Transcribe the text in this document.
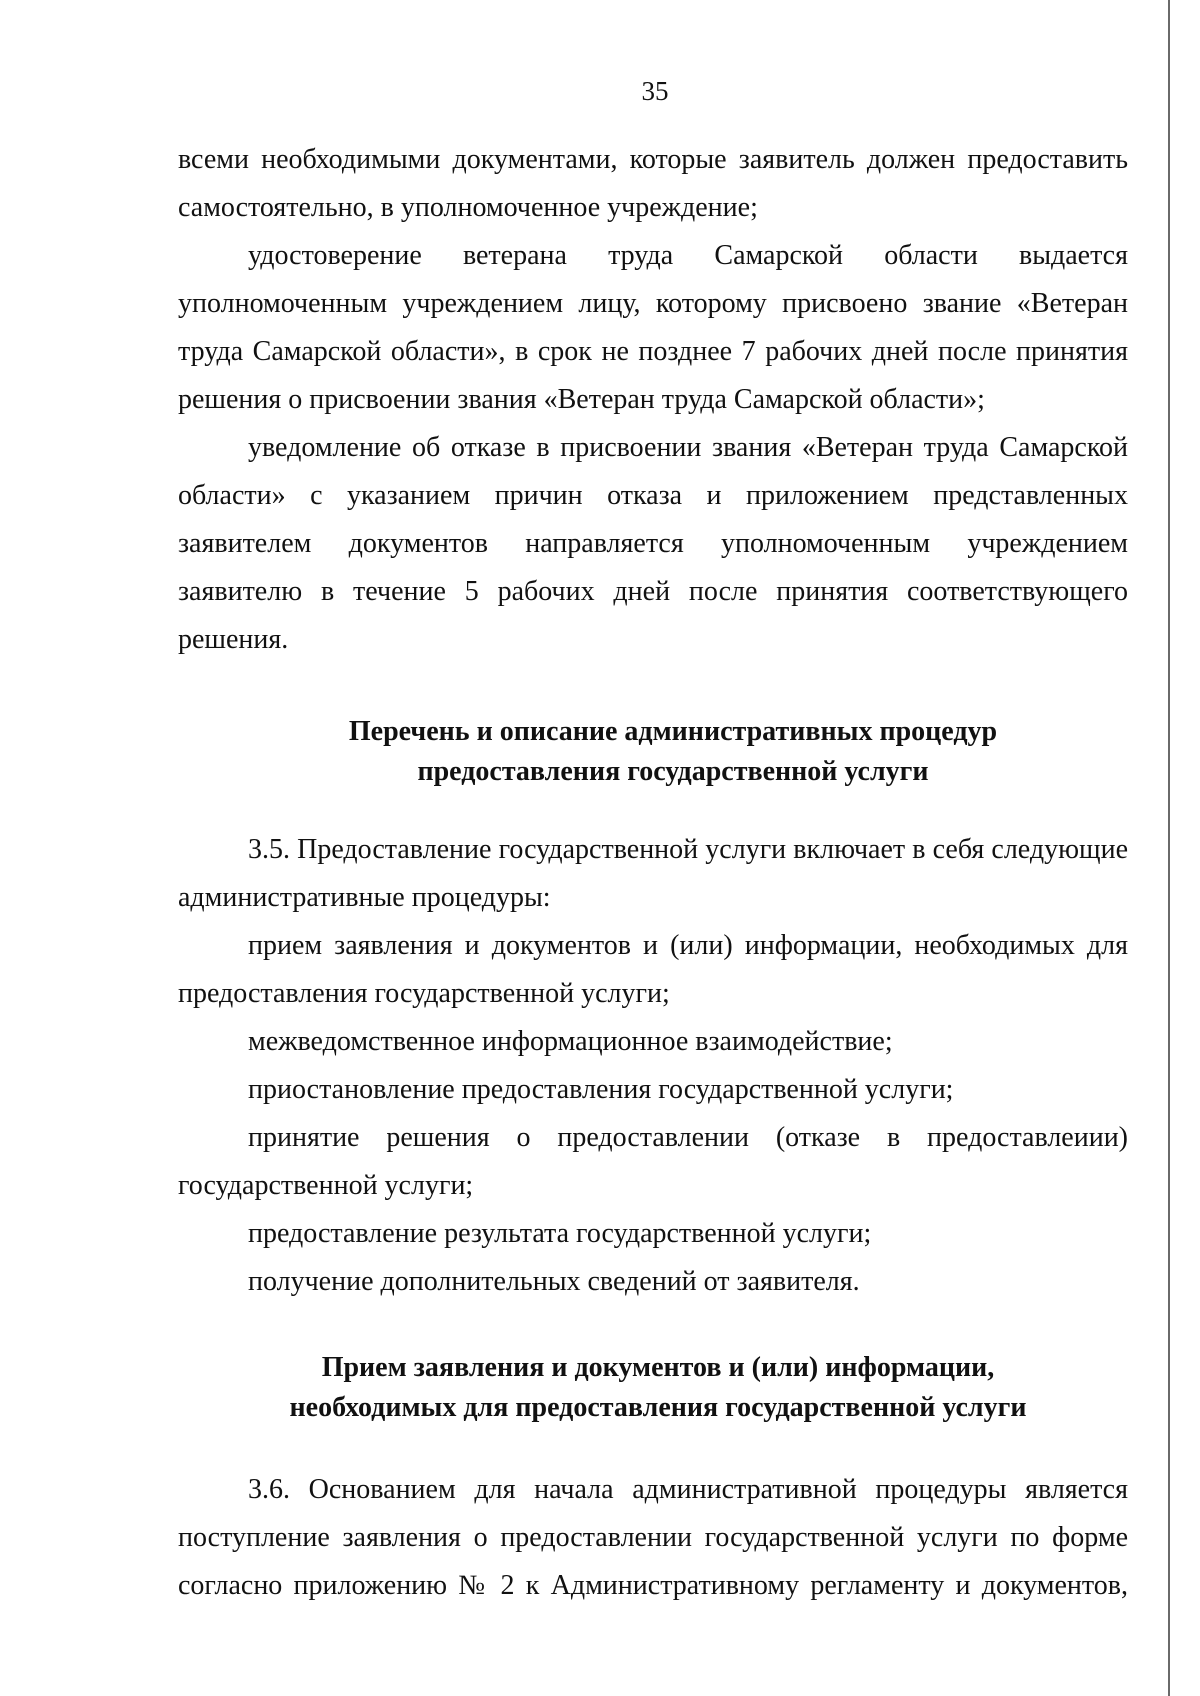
35

всеми необходимыми документами, которые заявитель должен предоставить самостоятельно, в уполномоченное учреждение;

удостоверение ветерана труда Самарской области выдается уполномоченным учреждением лицу, которому присвоено звание «Ветеран труда Самарской области», в срок не позднее 7 рабочих дней после принятия решения о присвоении звания «Ветеран труда Самарской области»;

уведомление об отказе в присвоении звания «Ветеран труда Самарской области» с указанием причин отказа и приложением представленных заявителем документов направляется уполномоченным учреждением заявителю в течение 5 рабочих дней после принятия соответствующего решения.

Перечень и описание административных процедур
предоставления государственной услуги

3.5. Предоставление государственной услуги включает в себя следующие административные процедуры:

прием заявления и документов и (или) информации, необходимых для предоставления государственной услуги;

межведомственное информационное взаимодействие;

приостановление предоставления государственной услуги;

принятие решения о предоставлении (отказе в предоставлеиии) государственной услуги;

предоставление результата государственной услуги;

получение дополнительных сведений от заявителя.

Прием заявления и документов и (или) информации,
необходимых для предоставления государственной услуги

3.6. Основанием для начала административной процедуры является поступление заявления о предоставлении государственной услуги по форме согласно приложению № 2 к Административному регламенту и документов,
